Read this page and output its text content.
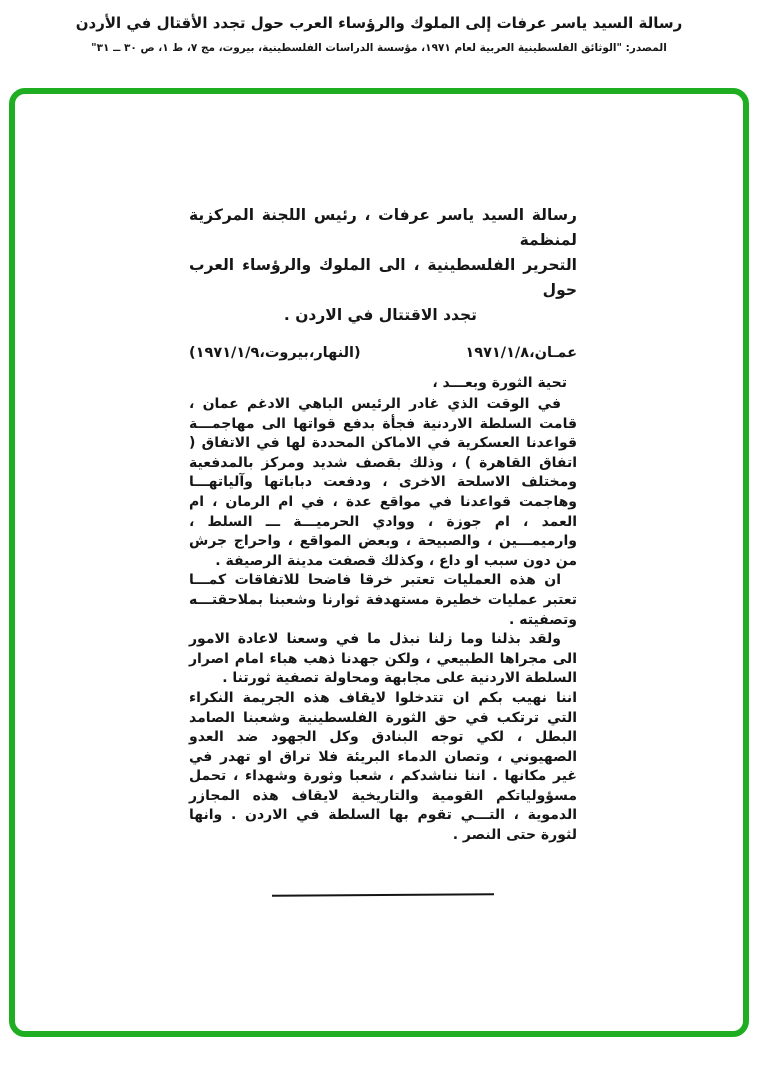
رسالة السيد ياسر عرفات إلى الملوك والرؤساء العرب حول تجدد الأقتال في الأردن
المصدر: "الوثائق الفلسطينية العربية لعام ١٩٧١، مؤسسة الدراسات الفلسطينية، بيروت، مج ٧، ط ١، ص ٣٠ ــ ٣١"
رسالة السيد ياسر عرفات ، رئيس اللجنة المركزية لمنظمة
التحرير الفلسطينية ، الى الملوك والرؤساء العرب حول
تجدد الاقتتال في الاردن .
عمـان،١٩٧١/١/٨
(النهار،بيروت،١٩٧١/١/٩)

تحية الثورة وبعـــد ،

في الوقت الذي غادر الرئيس الباهي الادغم عمان ، قامت السلطة الاردنية فجأة بدفع قواتها الى مهاجمـــة قواعدنا العسكرية في الاماكن المحددة لها في الاتفاق ( اتفاق القاهرة ) ، وذلك بقصف شديد ومركز بالمدفعية ومختلف الاسلحة الاخرى ، ودفعت دباباتها وآلياتهـــا وهاجمت قواعدنا في مواقع عدة ، في ام الرمان ، ام العمد ، ام جوزة ، ووادي الحرميـــة ـــ السلط ، وارميمـــين ، والصبيحة ، وبعض المواقع ، واحراج جرش من دون سبب او داع ، وكذلك قصفت مدينة الرصيفة .

ان هذه العمليات تعتبر خرقا فاضحا للاتفاقات كمـــا تعتبر عمليات خطيرة مستهدفة ثوارنا وشعبنا بملاحقتـــه وتصفيته .

ولقد بذلنا وما زلنا نبذل ما في وسعنا لاعادة الامور الى مجراها الطبيعي ، ولكن جهدنا ذهب هباء امام اصرار السلطة الاردنية على مجابهة ومحاولة تصفية ثورتنا .

اننا نهيب بكم ان تتدخلوا لايقاف هذه الجريمة النكراء التي ترتكب في حق الثورة الفلسطينية وشعبنا الصامد البطل ، لكي توجه البنادق وكل الجهود ضد العدو الصهيوني ، وتصان الدماء البريئة فلا تراق او تهدر في غير مكانها . اننا نناشدكم ، شعبا وثورة وشهداء ، تحمل مسؤولياتكم القومية والتاريخية لايقاف هذه المجازر الدموية ، التـــي تقوم بها السلطة في الاردن . وانها لثورة حتى النصر .
